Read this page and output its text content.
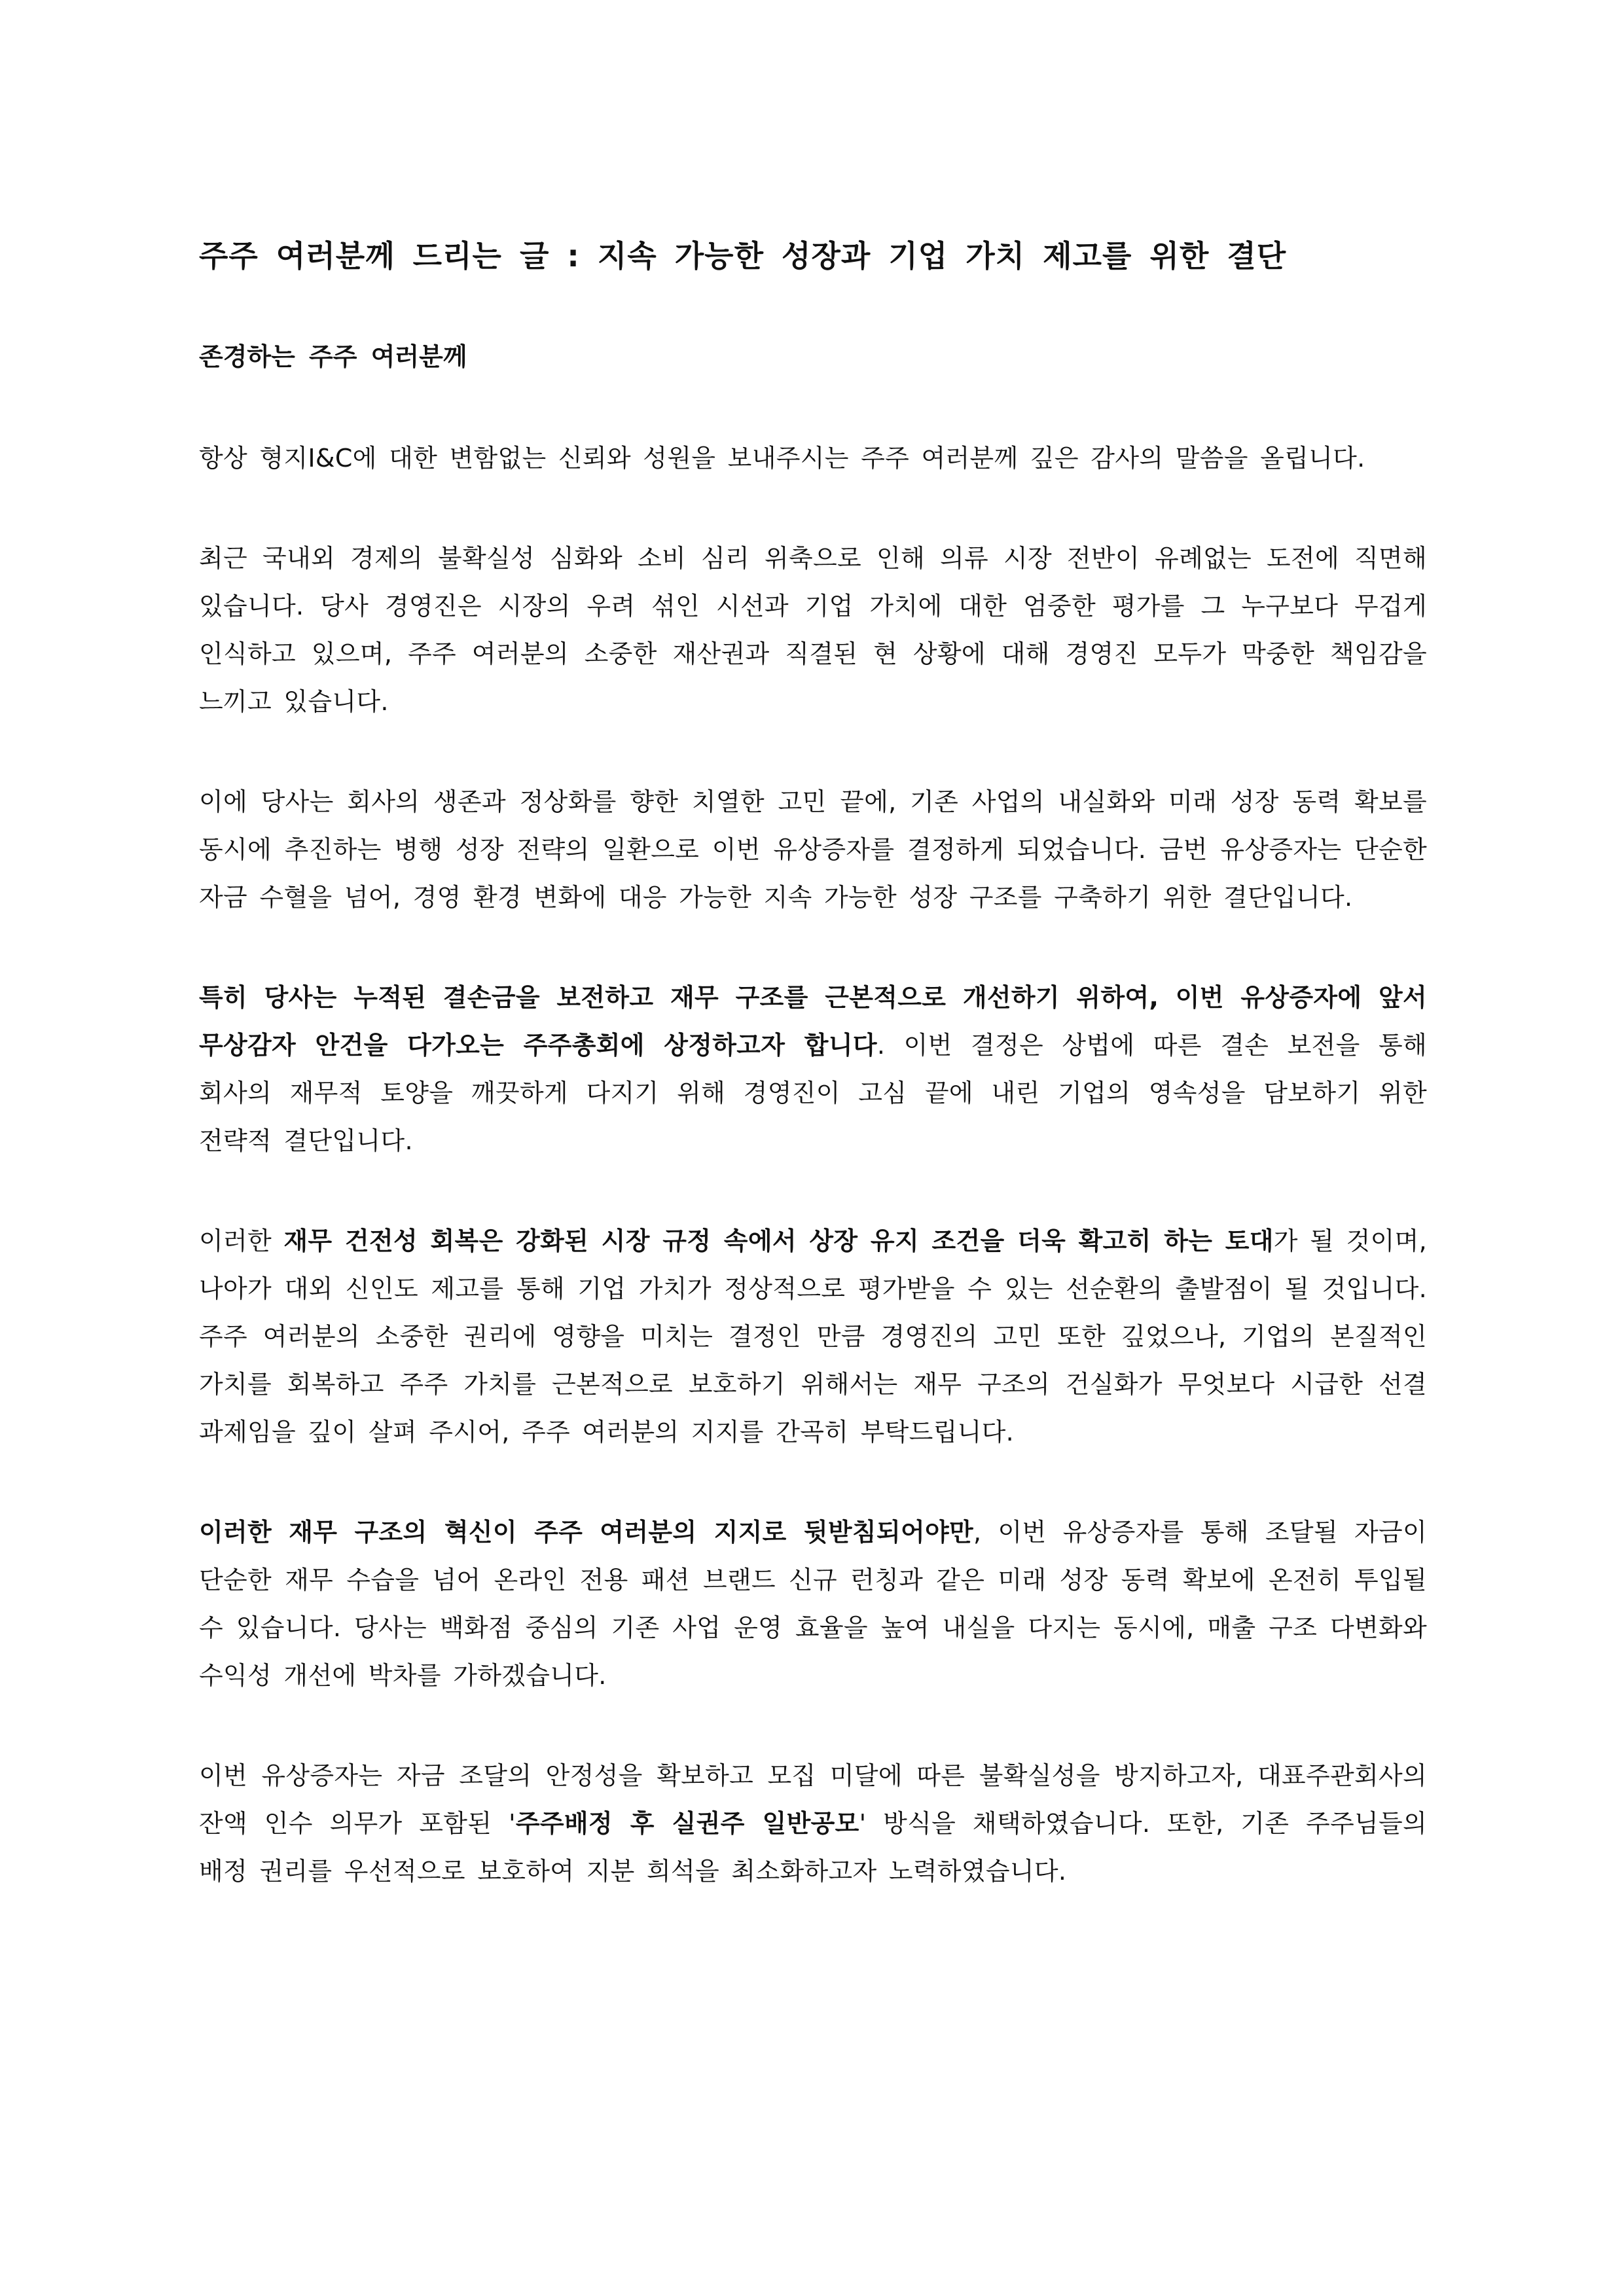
주주 여러분께 드리는 글 : 지속 가능한 성장과 기업 가치 제고를 위한 결단
존경하는 주주 여러분께

항상 형지I&C에 대한 변함없는 신뢰와 성원을 보내주시는 주주 여러분께 깊은 감사의 말씀을 올립니다.

최근 국내외 경제의 불확실성 심화와 소비 심리 위축으로 인해 의류 시장 전반이 유례없는 도전에 직면해 있습니다. 당사 경영진은 시장의 우려 섞인 시선과 기업 가치에 대한 엄중한 평가를 그 누구보다 무겁게 인식하고 있으며, 주주 여러분의 소중한 재산권과 직결된 현 상황에 대해 경영진 모두가 막중한 책임감을 느끼고 있습니다.

이에 당사는 회사의 생존과 정상화를 향한 치열한 고민 끝에, 기존 사업의 내실화와 미래 성장 동력 확보를 동시에 추진하는 병행 성장 전략의 일환으로 이번 유상증자를 결정하게 되었습니다. 금번 유상증자는 단순한 자금 수혈을 넘어, 경영 환경 변화에 대응 가능한 지속 가능한 성장 구조를 구축하기 위한 결단입니다.

특히 당사는 누적된 결손금을 보전하고 재무 구조를 근본적으로 개선하기 위하여, 이번 유상증자에 앞서 무상감자 안건을 다가오는 주주총회에 상정하고자 합니다. 이번 결정은 상법에 따른 결손 보전을 통해 회사의 재무적 토양을 깨끗하게 다지기 위해 경영진이 고심 끝에 내린 기업의 영속성을 담보하기 위한 전략적 결단입니다.

이러한 재무 건전성 회복은 강화된 시장 규정 속에서 상장 유지 조건을 더욱 확고히 하는 토대가 될 것이며, 나아가 대외 신인도 제고를 통해 기업 가치가 정상적으로 평가받을 수 있는 선순환의 출발점이 될 것입니다. 주주 여러분의 소중한 권리에 영향을 미치는 결정인 만큼 경영진의 고민 또한 깊었으나, 기업의 본질적인 가치를 회복하고 주주 가치를 근본적으로 보호하기 위해서는 재무 구조의 건실화가 무엇보다 시급한 선결 과제임을 깊이 살펴 주시어, 주주 여러분의 지지를 간곡히 부탁드립니다.

이러한 재무 구조의 혁신이 주주 여러분의 지지로 뒷받침되어야만, 이번 유상증자를 통해 조달될 자금이 단순한 재무 수습을 넘어 온라인 전용 패션 브랜드 신규 런칭과 같은 미래 성장 동력 확보에 온전히 투입될 수 있습니다. 당사는 백화점 중심의 기존 사업 운영 효율을 높여 내실을 다지는 동시에, 매출 구조 다변화와 수익성 개선에 박차를 가하겠습니다.

이번 유상증자는 자금 조달의 안정성을 확보하고 모집 미달에 따른 불확실성을 방지하고자, 대표주관회사의 잔액 인수 의무가 포함된 '주주배정 후 실권주 일반공모' 방식을 채택하였습니다. 또한, 기존 주주님들의 배정 권리를 우선적으로 보호하여 지분 희석을 최소화하고자 노력하였습니다.
